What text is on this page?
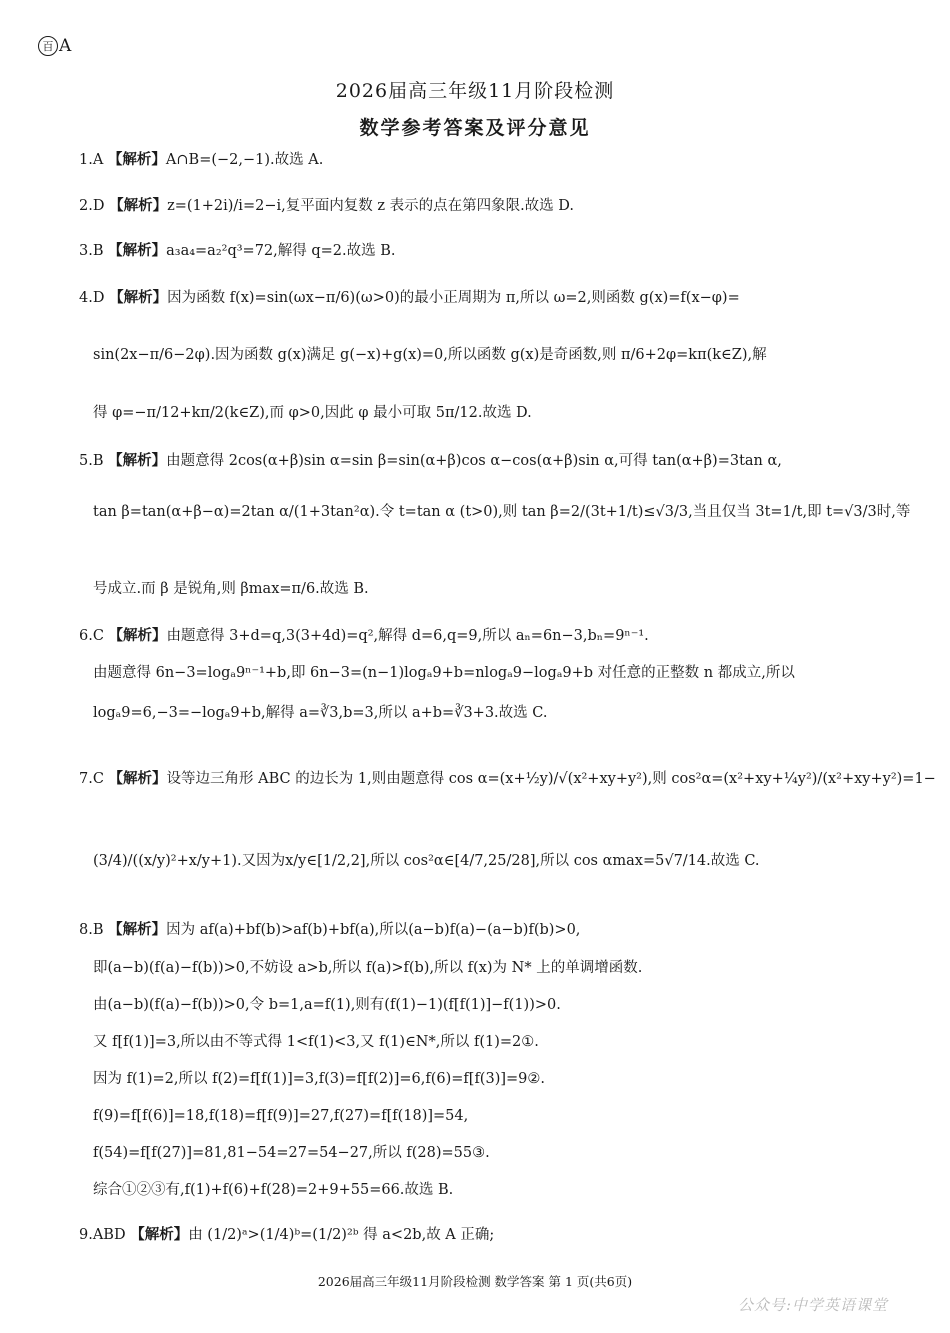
百 A
2026届高三年级11月阶段检测
数学参考答案及评分意见
1.A 【解析】A∩B=(−2,−1).故选 A.
2.D 【解析】z=(1+2i)/i=2−i,复平面内复数 z 表示的点在第四象限.故选 D.
3.B 【解析】a₃a₄=a₂²q³=72,解得 q=2.故选 B.
4.D 【解析】因为函数 f(x)=sin(ωx−π/6)(ω>0)的最小正周期为 π,所以 ω=2,则函数 g(x)=f(x−φ)=
sin(2x−π/6−2φ).因为函数 g(x)满足 g(−x)+g(x)=0,所以函数 g(x)是奇函数,则 π/6+2φ=kπ(k∈Z),解
得 φ=−π/12+kπ/2(k∈Z),而 φ>0,因此 φ 最小可取 5π/12.故选 D.
5.B 【解析】由题意得 2cos(α+β)sin α=sin β=sin(α+β)cos α−cos(α+β)sin α,可得 tan(α+β)=3tan α,
tan β=tan(α+β−α)=2tan α/(1+3tan²α).令 t=tan α (t>0),则 tan β=2/(3t+1/t)≤√3/3,当且仅当 3t=1/t,即 t=√3/3时,等
号成立.而 β 是锐角,则 βmax=π/6.故选 B.
6.C 【解析】由题意得 3+d=q,3(3+4d)=q²,解得 d=6,q=9,所以 aₙ=6n−3,bₙ=9ⁿ⁻¹.
由题意得 6n−3=logₐ9ⁿ⁻¹+b,即 6n−3=(n−1)logₐ9+b=nlogₐ9−logₐ9+b 对任意的正整数 n 都成立,所以
logₐ9=6,−3=−logₐ9+b,解得 a=∛3,b=3,所以 a+b=∛3+3.故选 C.
7.C 【解析】设等边三角形 ABC 的边长为 1,则由题意得 cos α=(x+½y)/√(x²+xy+y²),则 cos²α=(x²+xy+¼y²)/(x²+xy+y²)=1−
(3/4)/((x/y)²+x/y+1).又因为x/y∈[1/2,2],所以 cos²α∈[4/7,25/28],所以 cos αmax=5√7/14.故选 C.
8.B 【解析】因为 af(a)+bf(b)>af(b)+bf(a),所以(a−b)f(a)−(a−b)f(b)>0,
即(a−b)(f(a)−f(b))>0,不妨设 a>b,所以 f(a)>f(b),所以 f(x)为 N* 上的单调增函数.
由(a−b)(f(a)−f(b))>0,令 b=1,a=f(1),则有(f(1)−1)(f[f(1)]−f(1))>0.
又 f[f(1)]=3,所以由不等式得 1<f(1)<3,又 f(1)∈N*,所以 f(1)=2①.
因为 f(1)=2,所以 f(2)=f[f(1)]=3,f(3)=f[f(2)]=6,f(6)=f[f(3)]=9②.
f(9)=f[f(6)]=18,f(18)=f[f(9)]=27,f(27)=f[f(18)]=54,
f(54)=f[f(27)]=81,81−54=27=54−27,所以 f(28)=55③.
综合①②③有,f(1)+f(6)+f(28)=2+9+55=66.故选 B.
9.ABD 【解析】由 (1/2)ᵃ>(1/4)ᵇ=(1/2)²ᵇ 得 a<2b,故 A 正确;
2026届高三年级11月阶段检测 数学答案 第 1 页(共6页)
公众号:中学英语课堂
